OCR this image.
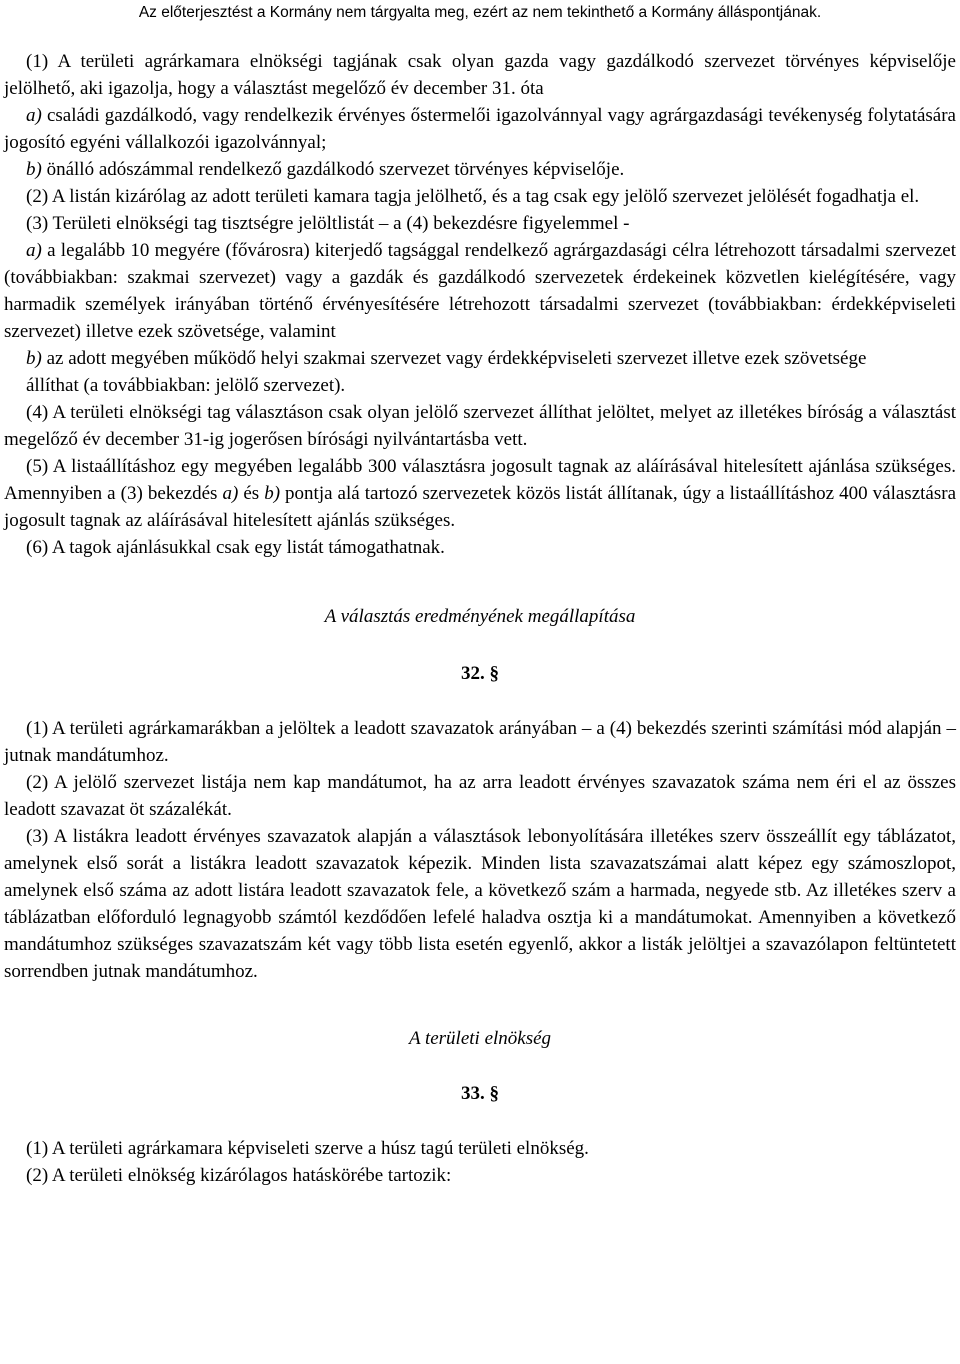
Az előterjesztést a Kormány nem tárgyalta meg, ezért az nem tekinthető a Kormány álláspontjának.

(1) A területi agrárkamara elnökségi tagjának csak olyan gazda vagy gazdálkodó szervezet törvényes képviselője jelölhető, aki igazolja, hogy a választást megelőző év december 31. óta

a) családi gazdálkodó, vagy rendelkezik érvényes őstermelői igazolvánnyal vagy agrárgazdasági tevékenység folytatására jogosító egyéni vállalkozói igazolvánnyal;

b) önálló adószámmal rendelkező gazdálkodó szervezet törvényes képviselője.

(2) A listán kizárólag az adott területi kamara tagja jelölhető, és a tag csak egy jelölő szervezet jelölését fogadhatja el.

(3) Területi elnökségi tag tisztségre jelöltlistát – a (4) bekezdésre figyelemmel -

a) a legalább 10 megyére (fővárosra) kiterjedő tagsággal rendelkező agrárgazdasági célra létrehozott társadalmi szervezet (továbbiakban: szakmai szervezet) vagy a gazdák és gazdálkodó szervezetek érdekeinek közvetlen kielégítésére, vagy harmadik személyek irányában történő érvényesítésére létrehozott társadalmi szervezet (továbbiakban: érdekképviseleti szervezet) illetve ezek szövetsége, valamint

b) az adott megyében működő helyi szakmai szervezet vagy érdekképviseleti szervezet illetve ezek szövetsége

állíthat (a továbbiakban: jelölő szervezet).

(4) A területi elnökségi tag választáson csak olyan jelölő szervezet állíthat jelöltet, melyet az illetékes bíróság a választást megelőző év december 31-ig jogerősen bírósági nyilvántartásba vett.

(5) A listaállításhoz egy megyében legalább 300 választásra jogosult tagnak az aláírásával hitelesített ajánlása szükséges. Amennyiben a (3) bekezdés a) és b) pontja alá tartozó szervezetek közös listát állítanak, úgy a listaállításhoz 400 választásra jogosult tagnak az aláírásával hitelesített ajánlás szükséges.

(6) A tagok ajánlásukkal csak egy listát támogathatnak.

A választás eredményének megállapítása
32. §

(1) A területi agrárkamarákban a jelöltek a leadott szavazatok arányában – a (4) bekezdés szerinti számítási mód alapján – jutnak mandátumhoz.

(2) A jelölő szervezet listája nem kap mandátumot, ha az arra leadott érvényes szavazatok száma nem éri el az összes leadott szavazat öt százalékát.

(3) A listákra leadott érvényes szavazatok alapján a választások lebonyolítására illetékes szerv összeállít egy táblázatot, amelynek első sorát a listákra leadott szavazatok képezik. Minden lista szavazatszámai alatt képez egy számoszlopot, amelynek első száma az adott listára leadott szavazatok fele, a következő szám a harmada, negyede stb. Az illetékes szerv a táblázatban előforduló legnagyobb számtól kezdődően lefelé haladva osztja ki a mandátumokat. Amennyiben a következő mandátumhoz szükséges szavazatszám két vagy több lista esetén egyenlő, akkor a listák jelöltjei a szavazólapon feltüntetett sorrendben jutnak mandátumhoz.

A területi elnökség
33. §

(1) A területi agrárkamara képviseleti szerve a húsz tagú területi elnökség.

(2) A területi elnökség kizárólagos hatáskörébe tartozik:
